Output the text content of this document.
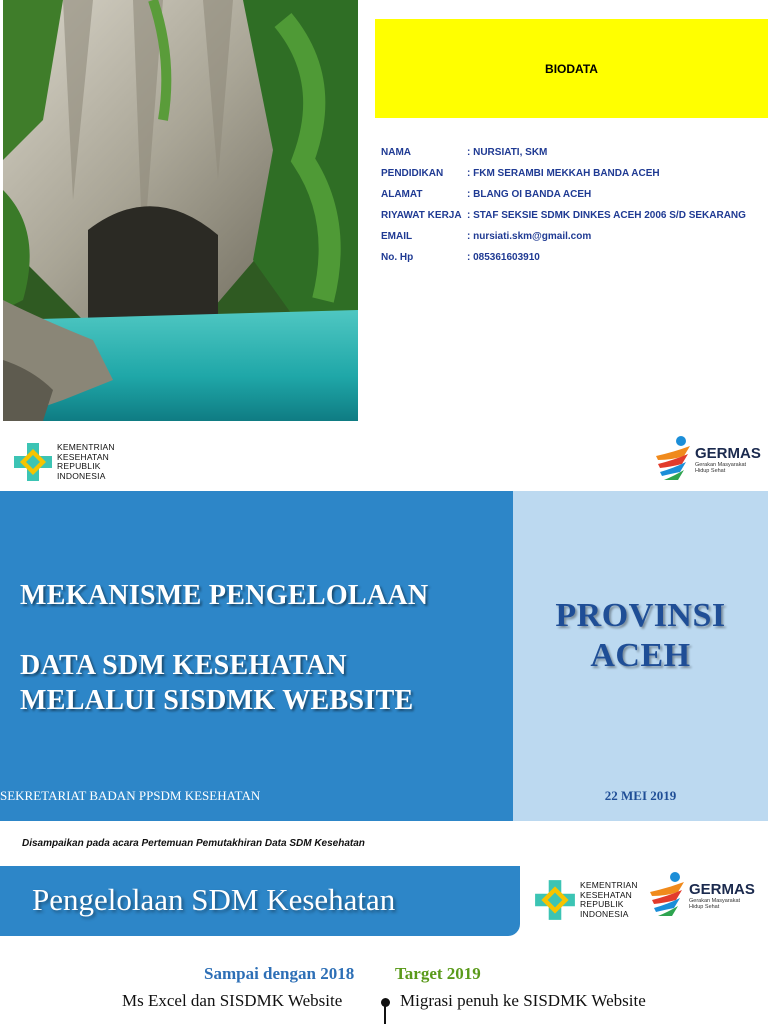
BIODATA
NAMA	: NURSIATI, SKM
PENDIDIKAN	: FKM SERAMBI MEKKAH BANDA ACEH
ALAMAT	: BLANG OI BANDA ACEH
RIYAWAT KERJA : STAF SEKSIE SDMK DINKES ACEH 2006 S/D SEKARANG
EMAIL	: nursiati.skm@gmail.com
No. Hp	: 085361603910
KEMENTRIAN
KESEHATAN
REPUBLIK
INDONESIA
GERMAS
Gerakan Masyarakat Hidup Sehat
MEKANISME PENGELOLAAN
DATA SDM KESEHATAN
MELALUI SISDMK WEBSITE
PROVINSI
ACEH
SEKRETARIAT BADAN PPSDM KESEHATAN	22 MEI 2019
Disampaikan pada acara Pertemuan Pemutakhiran Data SDM Kesehatan
Pengelolaan SDM Kesehatan	KEMENTRIAN
KESEHATAN
REPUBLIK
INDONESIA
GERMAS
Gerakan Masyarakat Hidup Sehat
Sampai dengan 2018 Target 2019
Ms Excel dan SISDMK Website	Migrasi penuh ke SISDMK Website
